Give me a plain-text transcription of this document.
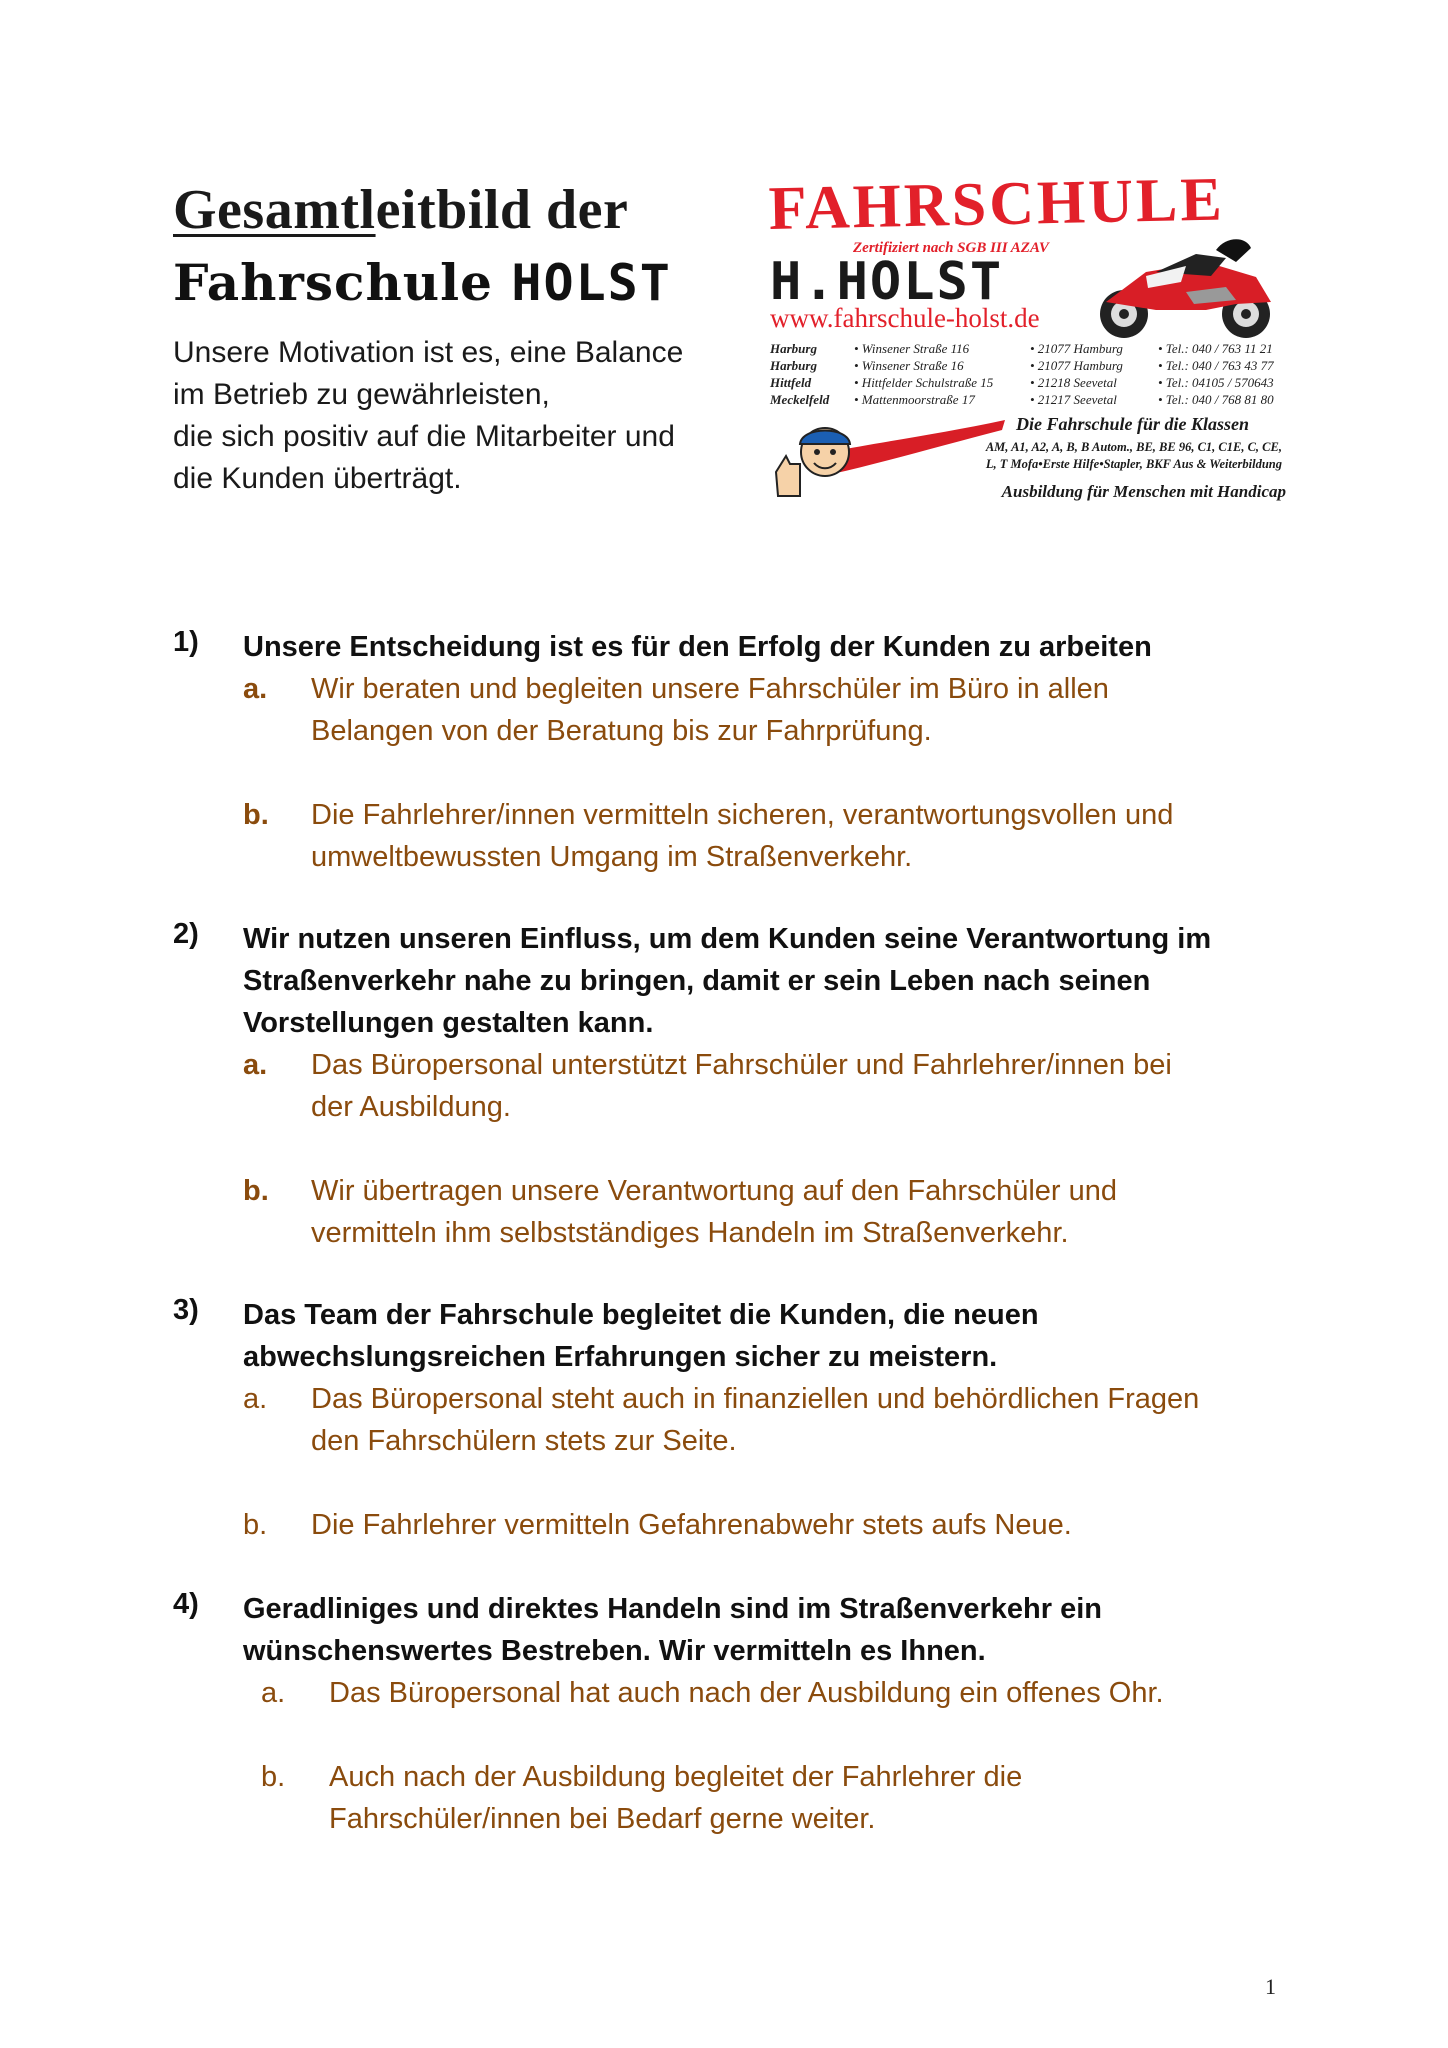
Gesamtleitbild der
Fahrschule HOLST
Unsere Motivation ist es, eine Balance
im Betrieb zu gewährleisten,
die sich positiv auf die Mitarbeiter und
die Kunden überträgt.
FAHRSCHULE
Zertifiziert nach SGB III AZAV
H.HOLST
www.fahrschule-holst.de
Harburg	• Winsener Straße 116	• 21077 Hamburg	• Tel.: 040 / 763 11 21
Harburg	• Winsener Straße 16	• 21077 Hamburg	• Tel.: 040 / 763 43 77
Hittfeld	• Hittfelder Schulstraße 15	• 21218 Seevetal	• Tel.: 04105 / 570643
Meckelfeld	• Mattenmoorstraße 17	• 21217 Seevetal	• Tel.: 040 / 768 81 80
Die Fahrschule für die Klassen
AM, A1, A2, A, B, B Autom., BE, BE 96, C1, C1E, C, CE,
L, T Mofa•Erste Hilfe•Stapler, BKF Aus & Weiterbildung
Ausbildung für Menschen mit Handicap
1) Unsere Entscheidung ist es für den Erfolg der Kunden zu arbeiten
a. Wir beraten und begleiten unsere Fahrschüler im Büro in allen
Belangen von der Beratung bis zur Fahrprüfung.
b. Die Fahrlehrer/innen vermitteln sicheren, verantwortungsvollen und
umweltbewussten Umgang im Straßenverkehr.
2) Wir nutzen unseren Einfluss, um dem Kunden seine Verantwortung im
Straßenverkehr nahe zu bringen, damit er sein Leben nach seinen
Vorstellungen gestalten kann.
a. Das Büropersonal unterstützt Fahrschüler und Fahrlehrer/innen bei
der Ausbildung.
b. Wir übertragen unsere Verantwortung auf den Fahrschüler und
vermitteln ihm selbstständiges Handeln im Straßenverkehr.
3) Das Team der Fahrschule begleitet die Kunden, die neuen
abwechslungsreichen Erfahrungen sicher zu meistern.
a. Das Büropersonal steht auch in finanziellen und behördlichen Fragen
den Fahrschülern stets zur Seite.
b. Die Fahrlehrer vermitteln Gefahrenabwehr stets aufs Neue.
4) Geradliniges und direktes Handeln sind im Straßenverkehr ein
wünschenswertes Bestreben. Wir vermitteln es Ihnen.
a. Das Büropersonal hat auch nach der Ausbildung ein offenes Ohr.
b. Auch nach der Ausbildung begleitet der Fahrlehrer die
Fahrschüler/innen bei Bedarf gerne weiter.
1
